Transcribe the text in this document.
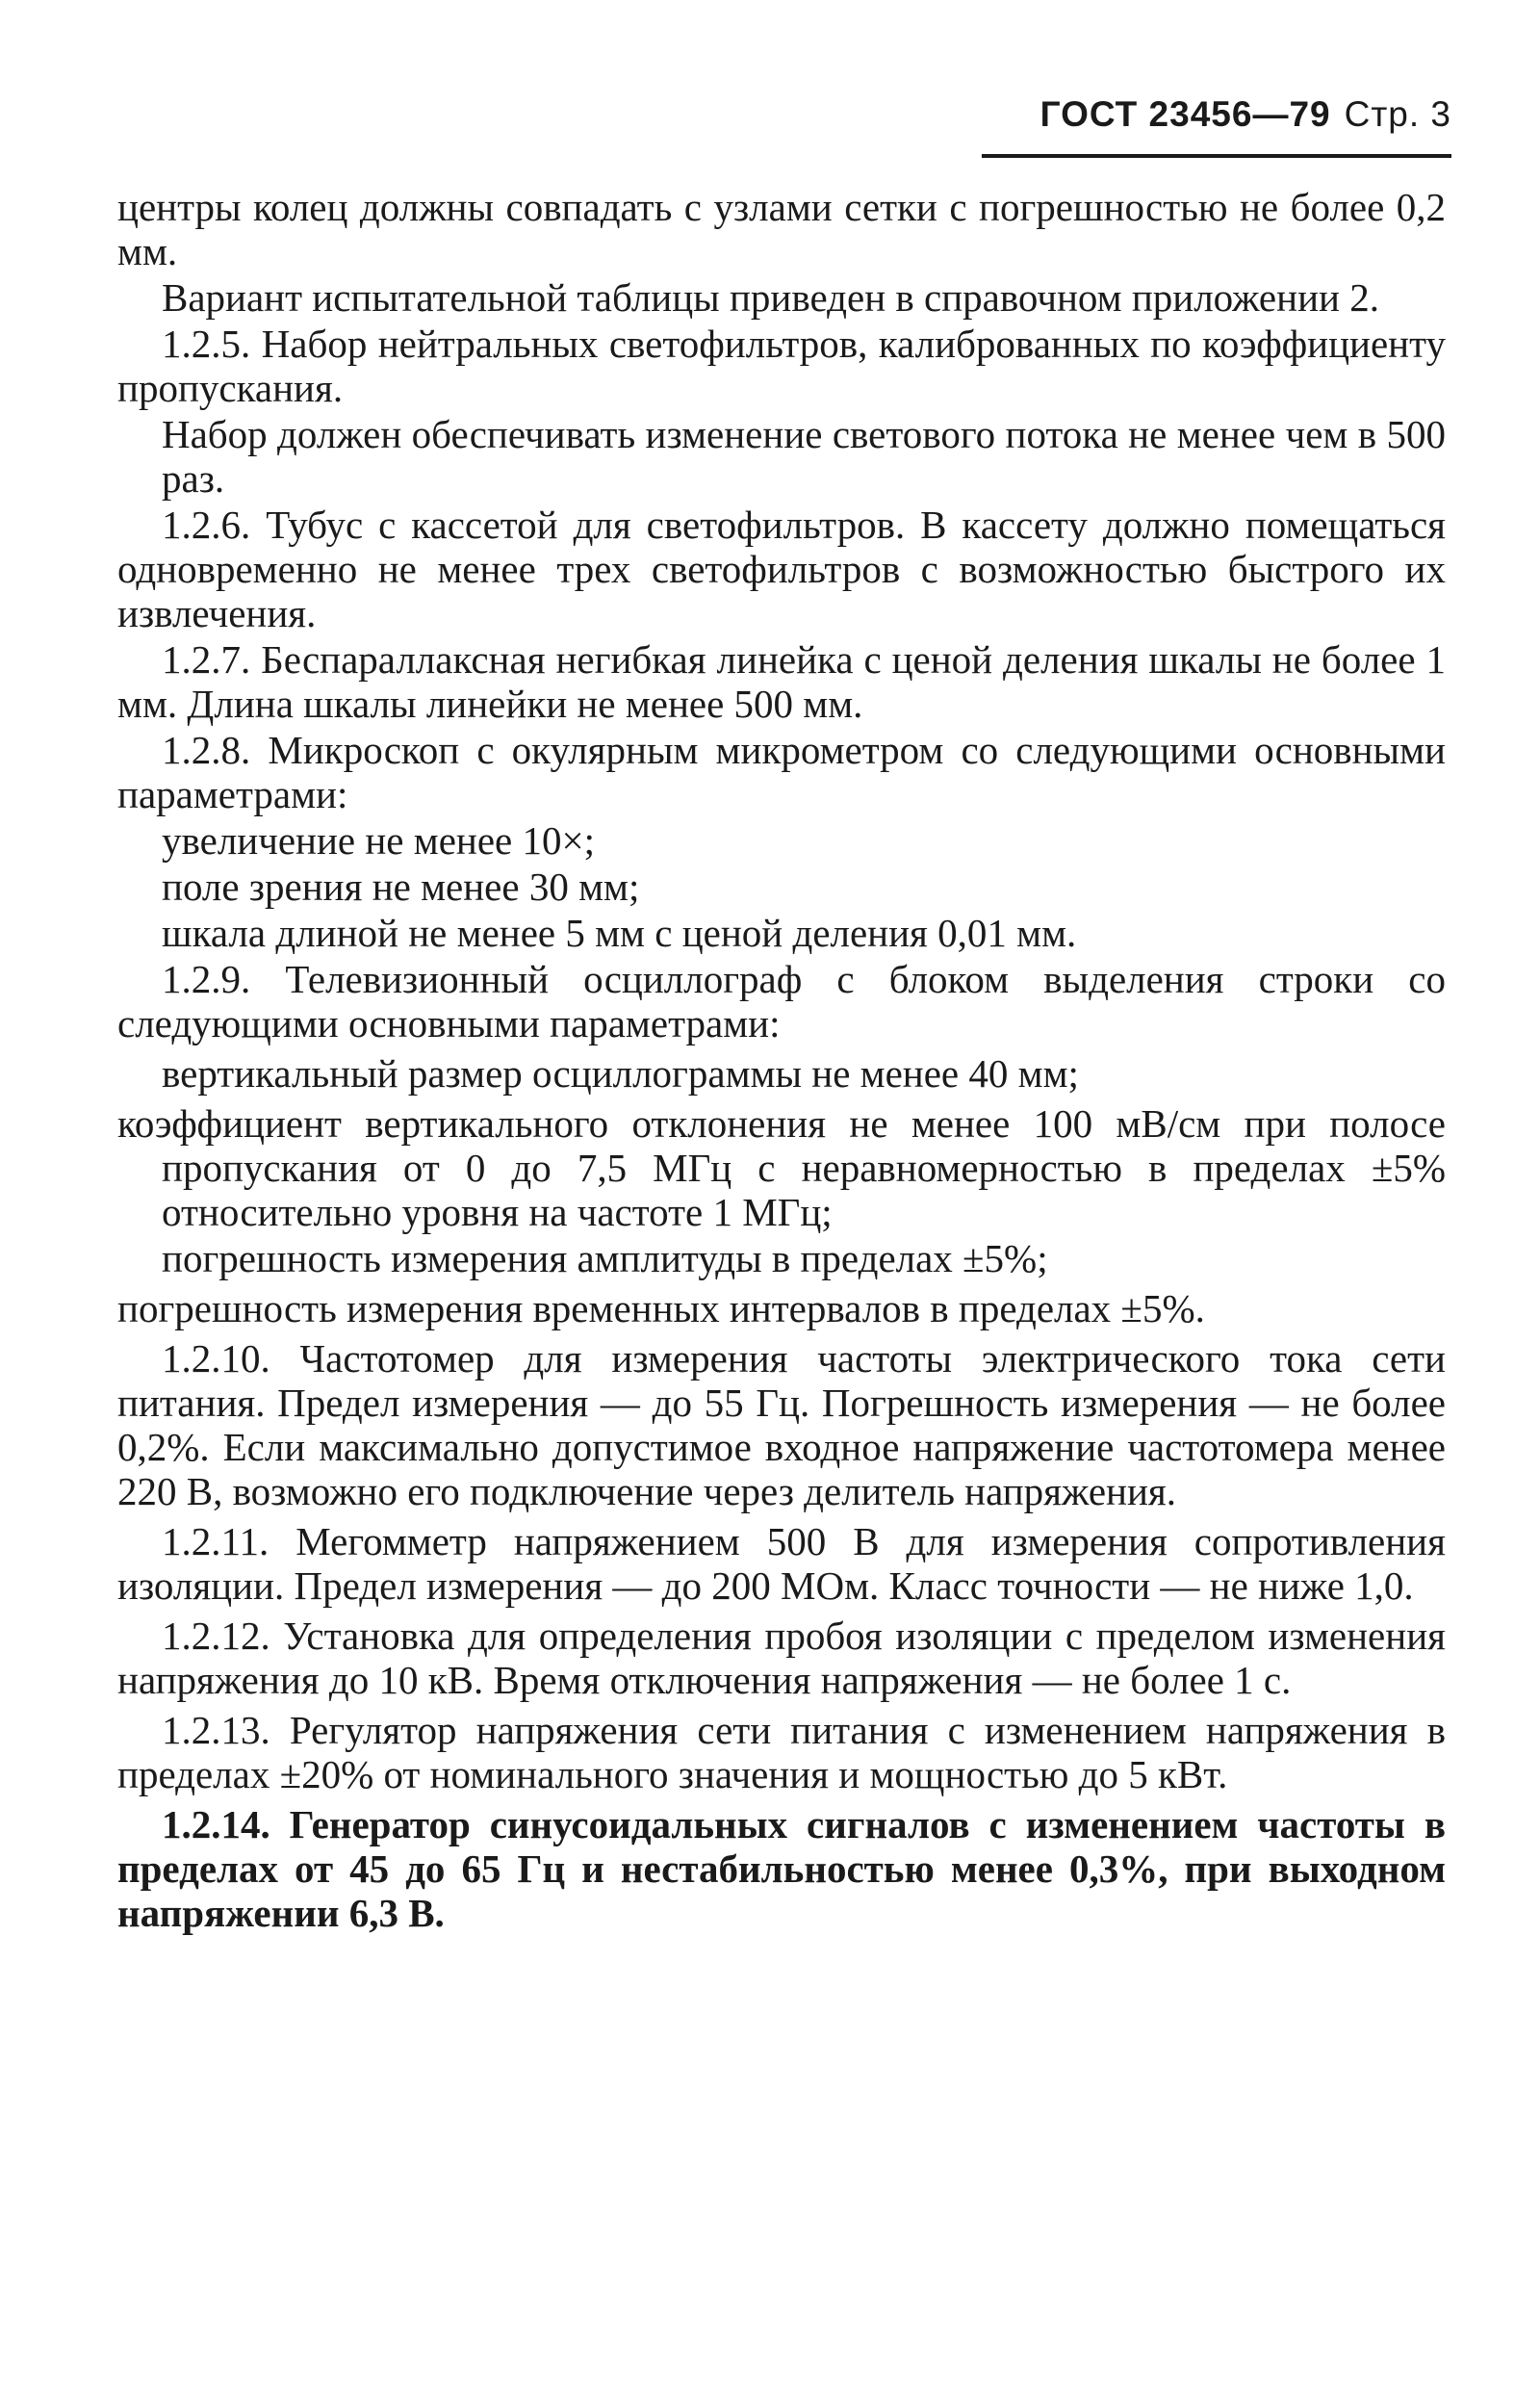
ГОСТ 23456—79 Стр. 3

центры колец должны совпадать с узлами сетки с погрешностью не более 0,2 мм.

Вариант испытательной таблицы приведен в справочном приложении 2.

1.2.5. Набор нейтральных светофильтров, калиброванных по коэффициенту пропускания.

Набор должен обеспечивать изменение светового потока не менее чем в 500 раз.

1.2.6. Тубус с кассетой для светофильтров. В кассету должно помещаться одновременно не менее трех светофильтров с возможностью быстрого их извлечения.

1.2.7. Беспараллаксная негибкая линейка с ценой деления шкалы не более 1 мм. Длина шкалы линейки не менее 500 мм.

1.2.8. Микроскоп с окулярным микрометром со следующими основными параметрами:

увеличение не менее 10×;

поле зрения не менее 30 мм;

шкала длиной не менее 5 мм с ценой деления 0,01 мм.

1.2.9. Телевизионный осциллограф с блоком выделения строки со следующими основными параметрами:

вертикальный размер осциллограммы не менее 40 мм;

коэффициент вертикального отклонения не менее 100 мВ/см при полосе пропускания от 0 до 7,5 МГц с неравномерностью в пределах ±5% относительно уровня на частоте 1 МГц;

погрешность измерения амплитуды в пределах ±5%;

погрешность измерения временных интервалов в пределах ±5%.

1.2.10. Частотомер для измерения частоты электрического тока сети питания. Предел измерения — до 55 Гц. Погрешность измерения — не более 0,2%. Если максимально допустимое входное напряжение частотомера менее 220 В, возможно его подключение через делитель напряжения.

1.2.11. Мегомметр напряжением 500 В для измерения сопротивления изоляции. Предел измерения — до 200 МОм. Класс точности — не ниже 1,0.

1.2.12. Установка для определения пробоя изоляции с пределом изменения напряжения до 10 кВ. Время отключения напряжения — не более 1 с.

1.2.13. Регулятор напряжения сети питания с изменением напряжения в пределах ±20% от номинального значения и мощностью до 5 кВт.

1.2.14. Генератор синусоидальных сигналов с изменением частоты в пределах от 45 до 65 Гц и нестабильностью менее 0,3%, при выходном напряжении 6,3 В.
